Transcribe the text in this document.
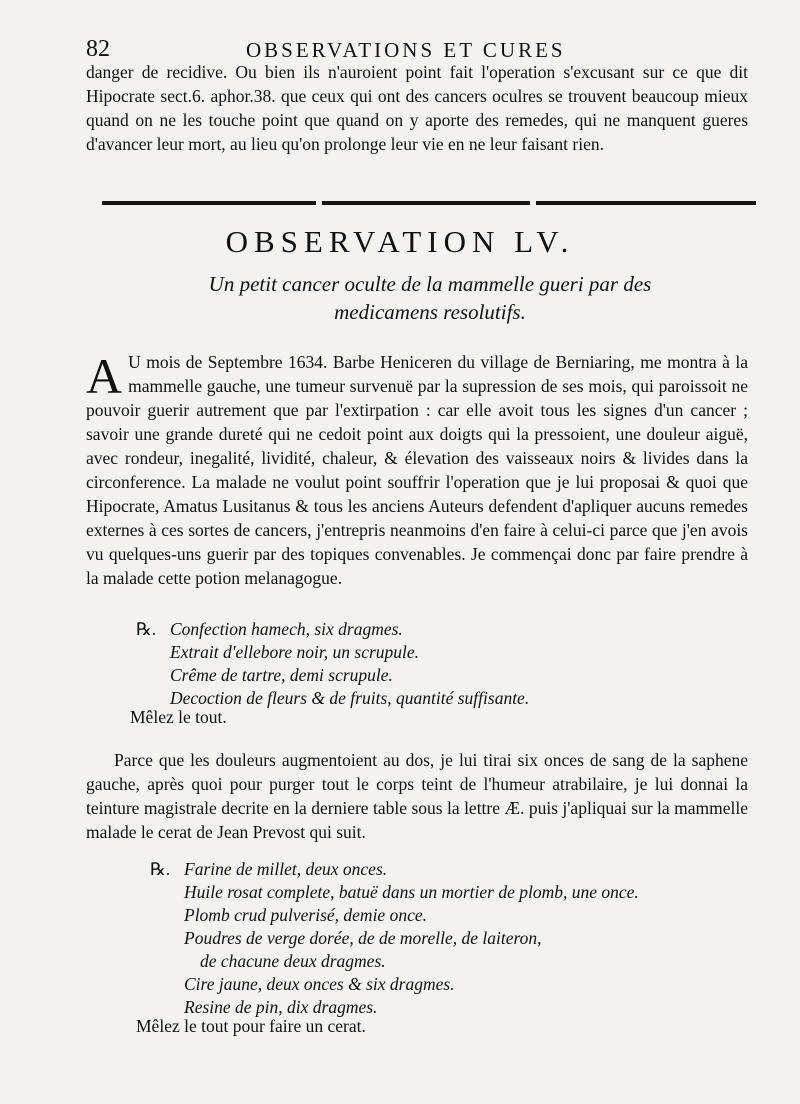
82	OBSERVATIONS ET CURES
danger de recidive. Ou bien ils n'auroient point fait l'operation s'excusant sur ce que dit Hipocrate sect.6. aphor.38. que ceux qui ont des cancers oculres se trouvent beaucoup mieux quand on ne les touche point que quand on y aporte des remedes, qui ne manquent gueres d'avancer leur mort, au lieu qu'on prolonge leur vie en ne leur faisant rien.
OBSERVATION LV.
Un petit cancer oculte de la mammelle gueri par des
medicamens resolutifs.
A U mois de Septembre 1634. Barbe Heniceren du village de Berniaring, me montra à la mammelle gauche, une tumeur survenuë par la supression de ses mois, qui paroissoit ne pouvoir guerir autrement que par l'extirpation : car elle avoit tous les signes d'un cancer ; savoir une grande dureté qui ne cedoit point aux doigts qui la pressoient, une douleur aiguë, avec rondeur, inegalité, lividité, chaleur, & élevation des vaisseaux noirs & livides dans la circonference. La malade ne voulut point souffrir l'operation que je lui proposai & quoi que Hipocrate, Amatus Lusitanus & tous les anciens Auteurs defendent d'apliquer aucuns remedes externes à ces sortes de cancers, j'entrepris neanmoins d'en faire à celui-ci parce que j'en avois vu quelques-uns guerir par des topiques convenables. Je commençai donc par faire prendre à la malade cette potion melanagogue.
℞. Confection hamech, six dragmes.
Extrait d'ellebore noir, un scrupule.
Crême de tartre, demi scrupule.
Decoction de fleurs & de fruits, quantité suffisante.
Mêlez le tout.
Parce que les douleurs augmentoient au dos, je lui tirai six onces de sang de la saphene gauche, après quoi pour purger tout le corps teint de l'humeur atrabilaire, je lui donnai la teinture magistrale decrite en la derniere table sous la lettre Æ. puis j'apliquai sur la mammelle malade le cerat de Jean Prevost qui suit.
℞. Farine de millet, deux onces.
Huile rosat complete, batuë dans un mortier de plomb, une once.
Plomb crud pulverisé, demie once.
Poudres de verge dorée, de de morelle, de laiteron,
de chacune deux dragmes.
Cire jaune, deux onces & six dragmes.
Resine de pin, dix dragmes.
Mêlez le tout pour faire un cerat.
